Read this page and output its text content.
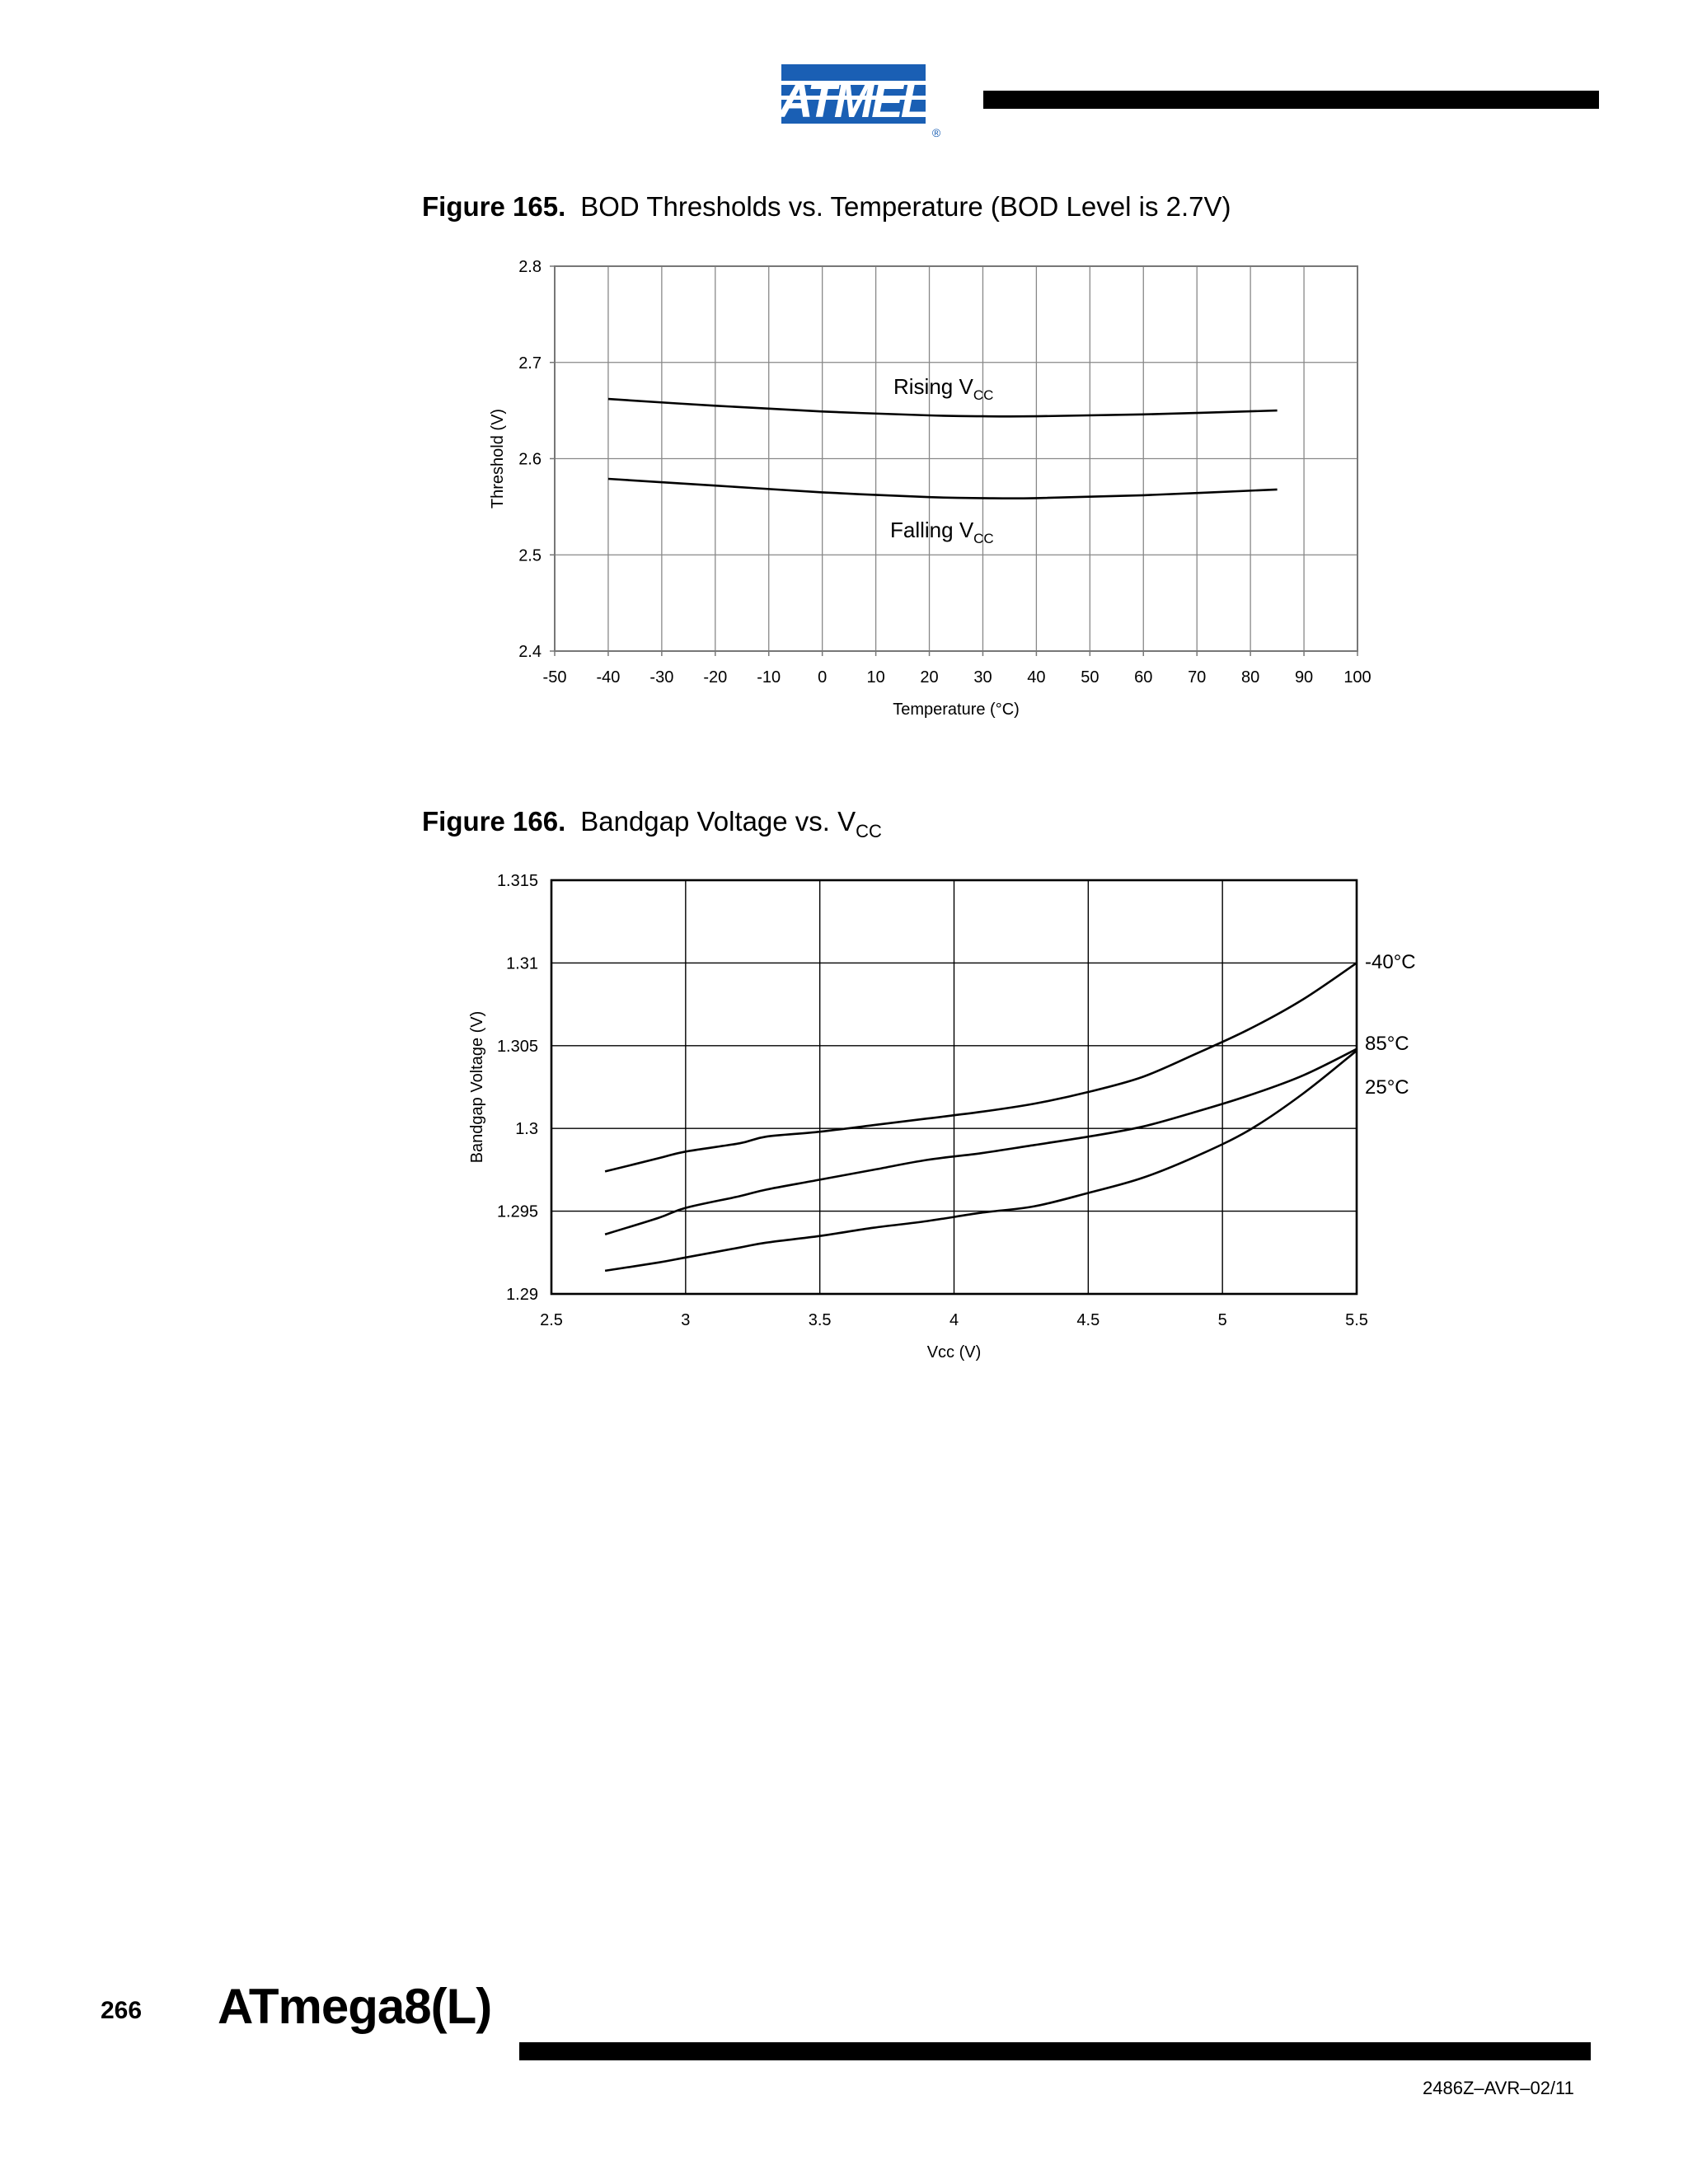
ATMEL
®
Figure 165. BOD Thresholds vs. Temperature (BOD Level is 2.7V)
-50 -40 -30 -20 -10 0 10 20 30 40 50 60 70 80 90 100
2.4
2.5
2.6
2.7
2.8
Temperature (°C)
Threshold (V)
Rising $V_{CC}$
Falling $V_{CC}$
Figure 166. Bandgap Voltage vs. $V_{CC}$
2.5	3	3.5	4	4.5	5	5.5
1.29
1.295
1.3
1.305
1.31
1.315
Vcc (V)
Bandgap Voltage (V)
-40°C
85°C
25°C
266 ATmega8(L)
2486Z–AVR–02/11
